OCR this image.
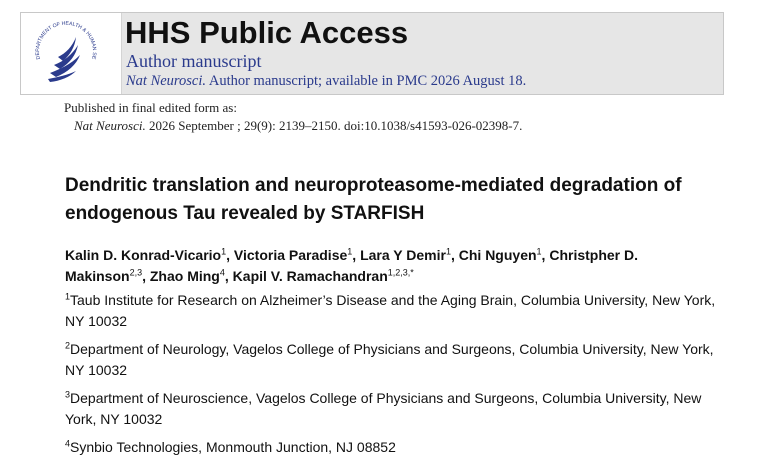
DEPARTMENT OF HEALTH & HUMAN SE
HHS Public Access
Author manuscript
Nat Neurosci. Author manuscript; available in PMC 2026 August 18.
Published in final edited form as:
Nat Neurosci. 2026 September ; 29(9): 2139–2150. doi:10.1038/s41593-026-02398-7.
Dendritic translation and neuroproteasome-mediated degradation of endogenous Tau revealed by STARFISH
Kalin D. Konrad-Vicario$^1$, Victoria Paradise$^1$, Lara Y Demir$^1$, Chi Nguyen$^1$, Christpher D. Makinson$^{2,3}$, Zhao Ming$^4$, Kapil V. Ramachandran$^{1,2,3,*}$
$^1$Taub Institute for Research on Alzheimer’s Disease and the Aging Brain, Columbia University, New York, NY 10032
$^2$Department of Neurology, Vagelos College of Physicians and Surgeons, Columbia University, New York, NY 10032
$^3$Department of Neuroscience, Vagelos College of Physicians and Surgeons, Columbia University, New York, NY 10032
$^4$Synbio Technologies, Monmouth Junction, NJ 08852
